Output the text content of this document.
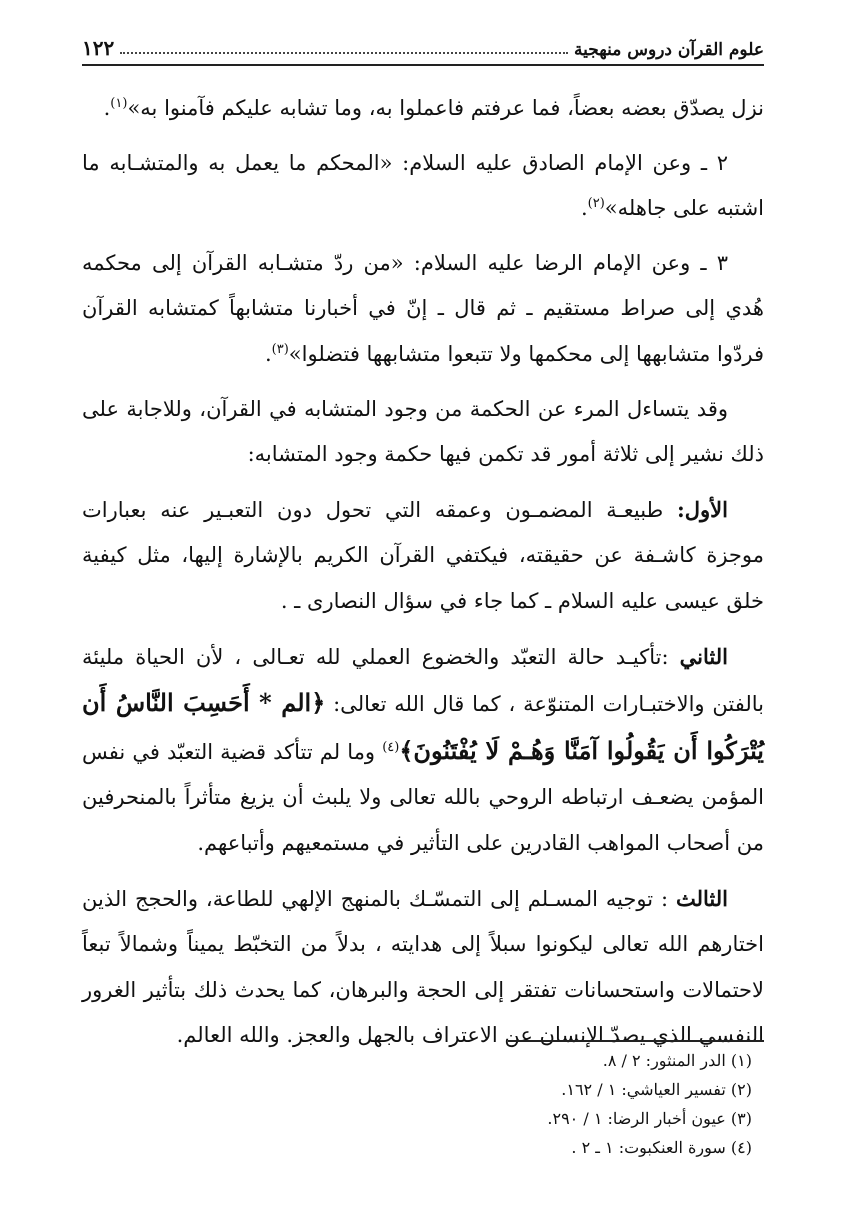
علوم القرآن دروس منهجية
١٢٢

نزل يصدّق بعضه بعضاً، فما عرفتم فاعملوا به، وما تشابه عليكم فآمنوا به»$^{(١)}$.

٢ ـ وعن الإمام الصادق عليه السلام: «المحكم ما يعمل به والمتشـابه ما اشتبه على جاهله»$^{(٢)}$.

٣ ـ وعن الإمام الرضا عليه السلام: «من ردّ متشـابه القرآن إلى محكمه هُدي إلى صراط مستقيم ـ ثم قال ـ إنّ في أخبارنا متشابهاً كمتشابه القرآن فردّوا متشابهها إلى محكمها ولا تتبعوا متشابهها فتضلوا»$^{(٣)}$.

وقد يتساءل المرء عن الحكمة من وجود المتشابه في القرآن، وللاجابة على ذلك نشير إلى ثلاثة أمور قد تكمن فيها حكمة وجود المتشابه:

الأول: طبيعـة المضمـون وعمقه التي تحول دون التعبـير عنه بعبارات موجزة كاشـفة عن حقيقته، فيكتفي القرآن الكريم بالإشارة إليها، مثل كيفية خلق عيسى عليه السلام ـ كما جاء في سؤال النصارى ـ .

الثاني :تأكيـد حالة التعبّد والخضوع العملي لله تعـالى ، لأن الحياة مليئة بالفتن والاختبـارات المتنوّعة ، كما قال الله تعالى: ﴿الم * أَحَسِبَ النَّاسُ أَن يُتْرَكُوا أَن يَقُولُوا آمَنَّا وَهُـمْ لَا يُفْتَنُونَ﴾$^{(٤)}$ وما لم تتأكد قضية التعبّد في نفس المؤمن يضعـف ارتباطه الروحي بالله تعالى ولا يلبث أن يزيغ متأثراً بالمنحرفين من أصحاب المواهب القادرين على التأثير في مستمعيهم وأتباعهم.

الثالث : توجيه المسـلم إلى التمسّـك بالمنهج الإلهي للطاعة، والحجج الذين اختارهم الله تعالى ليكونوا سبلاً إلى هدايته ، بدلاً من التخبّط يميناً وشمالاً تبعاً لاحتمالات واستحسانات تفتقر إلى الحجة والبرهان، كما يحدث ذلك بتأثير الغرور النفسي الذي يصدّ الإنسان عن الاعتراف بالجهل والعجز. والله العالم.

(١) الدر المنثور: ٢ / ٨.
(٢) تفسير العياشي: ١ / ١٦٢.
(٣) عيون أخبار الرضا: ١ / ٢٩٠.
(٤) سورة العنكبوت: ١ ـ ٢ .
